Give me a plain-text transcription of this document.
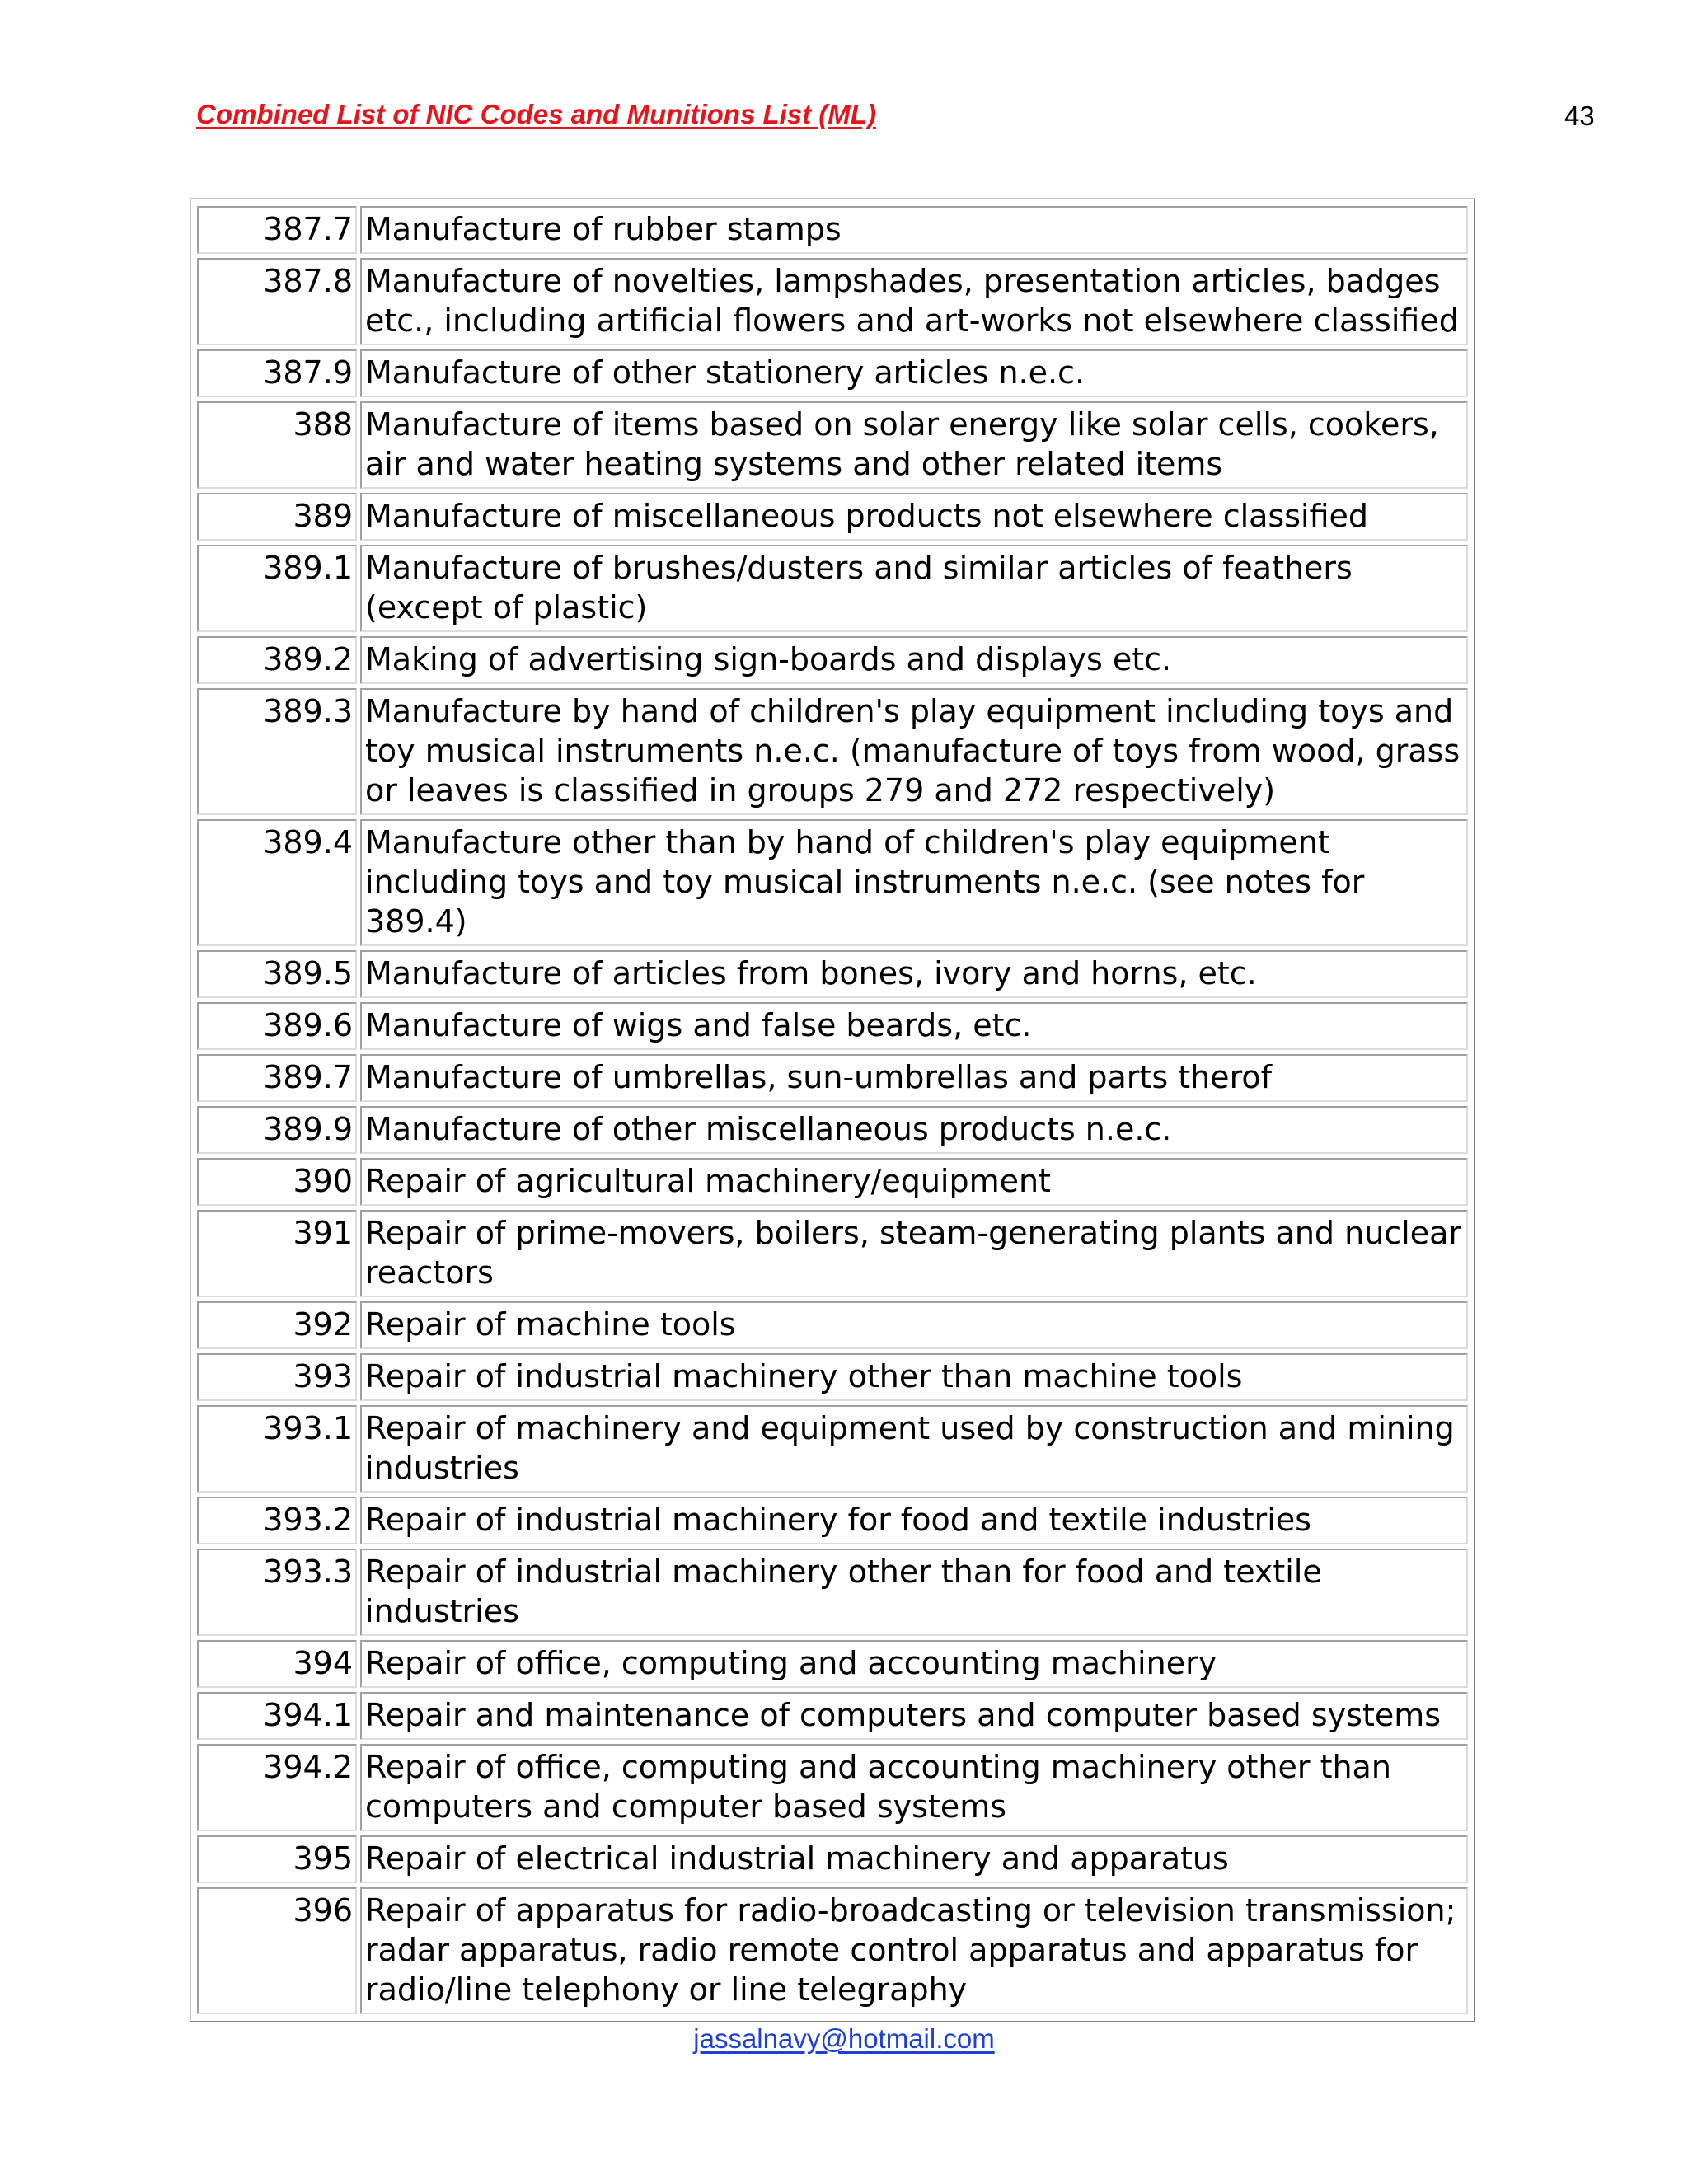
Combined List of NIC Codes and Munitions List (ML)	43
387.7	Manufacture of rubber stamps
387.8	Manufacture of novelties, lampshades, presentation articles, badges etc., including artificial flowers and art-works not elsewhere classified
387.9	Manufacture of other stationery articles n.e.c.
388	Manufacture of items based on solar energy like solar cells, cookers, air and water heating systems and other related items
389	Manufacture of miscellaneous products not elsewhere classified
389.1	Manufacture of brushes/dusters and similar articles of feathers (except of plastic)
389.2	Making of advertising sign-boards and displays etc.
389.3	Manufacture by hand of children's play equipment including toys and toy musical instruments n.e.c. (manufacture of toys from wood, grass or leaves is classified in groups 279 and 272 respectively)
389.4	Manufacture other than by hand of children's play equipment including toys and toy musical instruments n.e.c. (see notes for 389.4)
389.5	Manufacture of articles from bones, ivory and horns, etc.
389.6	Manufacture of wigs and false beards, etc.
389.7	Manufacture of umbrellas, sun-umbrellas and parts therof
389.9	Manufacture of other miscellaneous products n.e.c.
390	Repair of agricultural machinery/equipment
391	Repair of prime-movers, boilers, steam-generating plants and nuclear reactors
392	Repair of machine tools
393	Repair of industrial machinery other than machine tools
393.1	Repair of machinery and equipment used by construction and mining industries
393.2	Repair of industrial machinery for food and textile industries
393.3	Repair of industrial machinery other than for food and textile industries
394	Repair of office, computing and accounting machinery
394.1	Repair and maintenance of computers and computer based systems
394.2	Repair of office, computing and accounting machinery other than computers and computer based systems
395	Repair of electrical industrial machinery and apparatus
396	Repair of apparatus for radio-broadcasting or television transmission; radar apparatus, radio remote control apparatus and apparatus for radio/line telephony or line telegraphy
jassalnavy@hotmail.com
